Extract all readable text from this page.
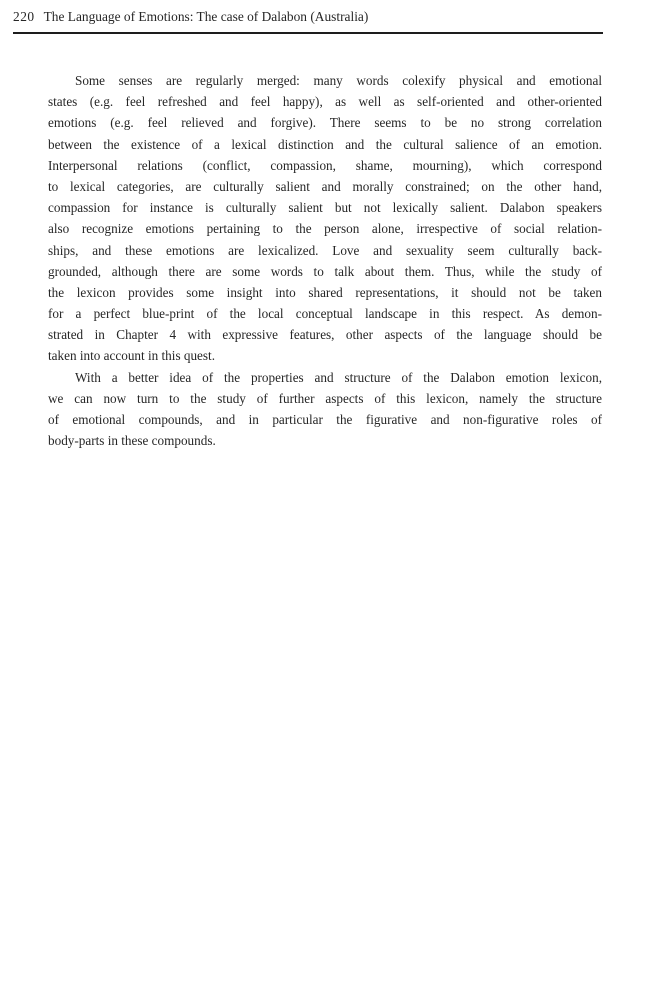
220 The Language of Emotions: The case of Dalabon (Australia)
Some senses are regularly merged: many words colexify physical and emotional
states (e.g. feel refreshed and feel happy), as well as self-oriented and other-oriented
emotions (e.g. feel relieved and forgive). There seems to be no strong correlation
between the existence of a lexical distinction and the cultural salience of an emotion.
Interpersonal relations (conflict, compassion, shame, mourning), which correspond
to lexical categories, are culturally salient and morally constrained; on the other hand,
compassion for instance is culturally salient but not lexically salient. Dalabon speakers
also recognize emotions pertaining to the person alone, irrespective of social relation-
ships, and these emotions are lexicalized. Love and sexuality seem culturally back-
grounded, although there are some words to talk about them. Thus, while the study of
the lexicon provides some insight into shared representations, it should not be taken
for a perfect blue-print of the local conceptual landscape in this respect. As demon-
strated in Chapter 4 with expressive features, other aspects of the language should be
taken into account in this quest.
With a better idea of the properties and structure of the Dalabon emotion lexicon,
we can now turn to the study of further aspects of this lexicon, namely the structure
of emotional compounds, and in particular the figurative and non-figurative roles of
body-parts in these compounds.
